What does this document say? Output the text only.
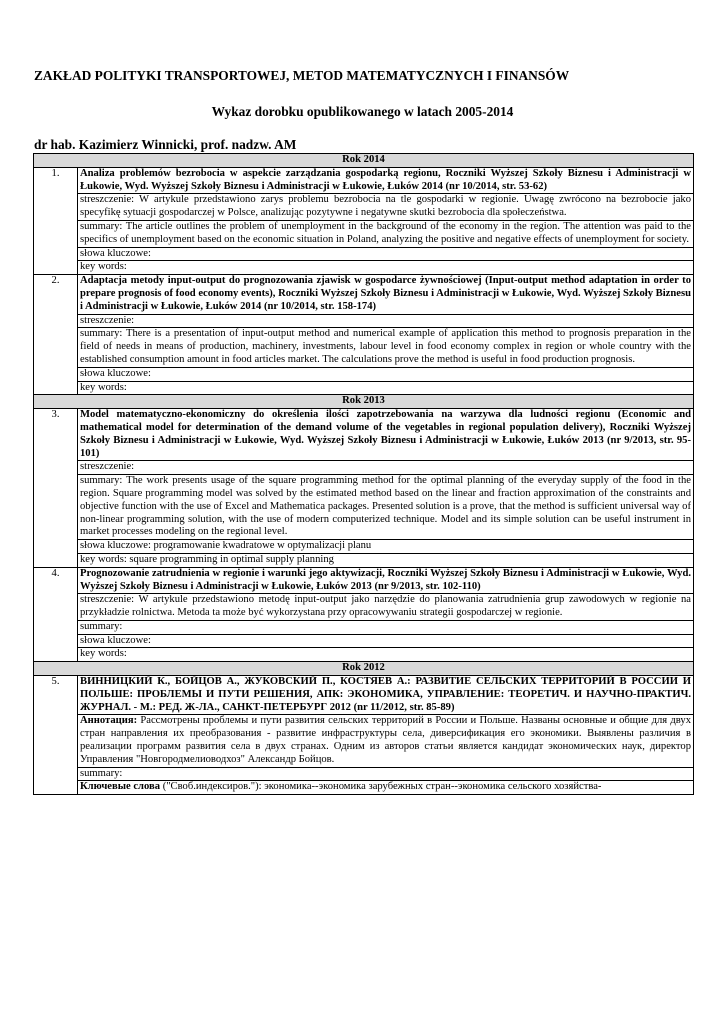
ZAKŁAD POLITYKI TRANSPORTOWEJ, METOD MATEMATYCZNYCH I FINANSÓW
Wykaz dorobku opublikowanego w latach 2005-2014
dr hab. Kazimierz Winnicki, prof. nadzw. AM
Rok 2014	
1.	Analiza problemów bezrobocia w aspekcie zarządzania gospodarką regionu, Roczniki Wyższej Szkoły Biznesu i Administracji w Łukowie, Wyd. Wyższej Szkoły Biznesu i Administracji w Łukowie, Łuków 2014 (nr 10/2014, str. 53-62)
	streszczenie: W artykule przedstawiono zarys problemu bezrobocia na tle gospodarki w regionie. Uwagę zwrócono na bezrobocie jako specyfikę sytuacji gospodarczej w Polsce, analizując pozytywne i negatywne skutki bezrobocia dla społeczeństwa.
	summary: The article outlines the problem of unemployment in the background of the economy in the region. The attention was paid to the specifics of unemployment based on the economic situation in Poland, analyzing the positive and negative effects of unemployment for society.
	słowa kluczowe:
	key words:
2.	Adaptacja metody input-output do prognozowania zjawisk w gospodarce żywnościowej (Input-output method adaptation in order to prepare prognosis of food economy events), Roczniki Wyższej Szkoły Biznesu i Administracji w Łukowie, Wyd. Wyższej Szkoły Biznesu i Administracji w Łukowie, Łuków 2014 (nr 10/2014, str. 158-174)
	streszczenie:
	summary: There is a presentation of input-output method and numerical example of application this method to prognosis preparation in the field of needs in means of production, machinery, investments, labour level in food economy complex in region or whole country with the established consumption amount in food articles market. The calculations prove the method is useful in food production prognosis.
	słowa kluczowe:
	key words:
Rok 2013	
3.	Model matematyczno-ekonomiczny do określenia ilości zapotrzebowania na warzywa dla ludności regionu (Economic and mathematical model for determination of the demand volume of the vegetables in regional population delivery), Roczniki Wyższej Szkoły Biznesu i Administracji w Łukowie, Wyd. Wyższej Szkoły Biznesu i Administracji w Łukowie, Łuków 2013 (nr 9/2013, str. 95-101)
	streszczenie:
	summary: The work presents usage of the square programming method for the optimal planning of the everyday supply of the food in the region. Square programming model was solved by the estimated method based on the linear and fraction approximation of the constraints and objective function with the use of Excel and Mathematica packages. Presented solution is a prove, that the method is sufficient universal way of non-linear programming solution, with the use of modern computerized technique. Model and its simple solution can be useful instrument in market processes modeling on the regional level.
	słowa kluczowe: programowanie kwadratowe w optymalizacji planu
	key words: square programming in optimal supply planning
4.	Prognozowanie zatrudnienia w regionie i warunki jego aktywizacji, Roczniki Wyższej Szkoły Biznesu i Administracji w Łukowie, Wyd. Wyższej Szkoły Biznesu i Administracji w Łukowie, Łuków 2013 (nr 9/2013, str. 102-110)
	streszczenie: W artykule przedstawiono metodę input-output jako narzędzie do planowania zatrudnienia grup zawodowych w regionie na przykładzie rolnictwa. Metoda ta może być wykorzystana przy opracowywaniu strategii gospodarczej w regionie.
	summary:
	słowa kluczowe:
	key words:
Rok 2012	
5.	ВИННИЦКИЙ К., БОЙЦОВ А., ЖУКОВСКИЙ П., КОСТЯЕВ А.: РАЗВИТИЕ СЕЛЬСКИХ ТЕРРИТОРИЙ В РОССИИ И ПОЛЬШЕ: ПРОБЛЕМЫ И ПУТИ РЕШЕНИЯ, АПК: ЭКОНОМИКА, УПРАВЛЕНИЕ: ТЕОРЕТИЧ. И НАУЧНО-ПРАКТИЧ. ЖУРНАЛ. - М.: РЕД. Ж-ЛА., САНКТ-ПЕТЕРБУРГ 2012 (nr 11/2012, str. 85-89)
	Аннотация: Рассмотрены проблемы и пути развития сельских территорий в России и Польше. Названы основные и общие для двух стран направления их преобразования - развитие инфраструктуры села, диверсификация его экономики. Выявлены различия в реализации программ развития села в двух странах. Одним из авторов статьи является кандидат экономических наук, директор Управления "Новгородмелиоводхоз" Александр Бойцов.
	summary:
	Ключевые слова ("Своб.индексиров."): экономика--экономика зарубежных стран--экономика сельского хозяйства-
